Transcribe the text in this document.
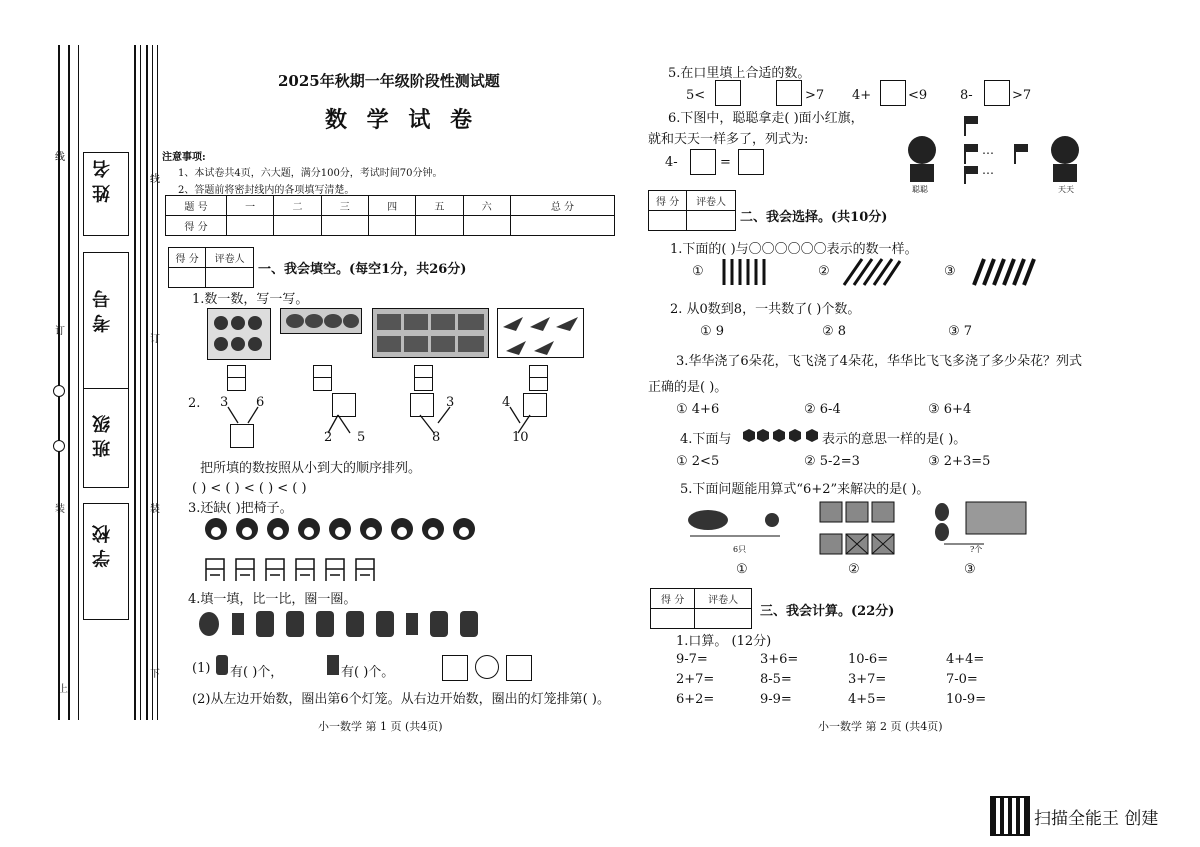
姓 名
考 号
班 级
学 校
线
订
装
上
线
订
装
下
2025年秋期一年级阶段性测试题
数 学 试 卷
注意事项:
1、本试卷共4页，六大题，满分100分，考试时间70分钟。
2、答题前将密封线内的各项填写清楚。
题 号	一	二	三	四	五	六	总 分
得 分							
得 分	评卷人

一、我会填空。(每空1分，共26分)
1.数一数，写一写。
2. 3 6
2 5
3
8
4
10
把所填的数按照从小到大的顺序排列。
( ) < ( ) < ( ) < ( )
3.还缺( )把椅子。
4.填一填，比一比，圈一圈。
(1) 有( )个，	有( )个。
(2)从左边开始数，圈出第6个灯笼。从右边开始数，圈出的灯笼排第( )。
小一数学 第 1 页 (共4页)
5.在口里填上合适的数。
5<	>7 4+	<9	8-	>7
6.下图中，聪聪拿走( )面小红旗，
就和天天一样多了，列式为:
4-	=
…
…
聪聪	天天
得 分	评卷人

二、我会选择。(共10分)
1.下面的( )与〇〇〇〇〇〇表示的数一样。
①	②	③
2. 从0数到8，一共数了( )个数。
① 9	② 8	③ 7
3.华华浇了6朵花，飞飞浇了4朵花，华华比飞飞多浇了多少朵花？列式
正确的是( )。
① 4+6	② 6-4	③ 6+4
4.下面与	表示的意思一样的是( )。
① 2<5	② 5-2=3	③ 2+3=5
5.下面问题能用算式“6+2”来解决的是( )。
6只	?个
①	②	③
得 分	评卷人

三、我会计算。(22分)
1.口算。 (12分)
9-7=	3+6=	10-6=	4+4=
2+7=	8-5=	3+7=	7-0=
6+2=	9-9=	4+5=	10-9=
小一数学 第 2 页 (共4页)
扫描全能王 创建
